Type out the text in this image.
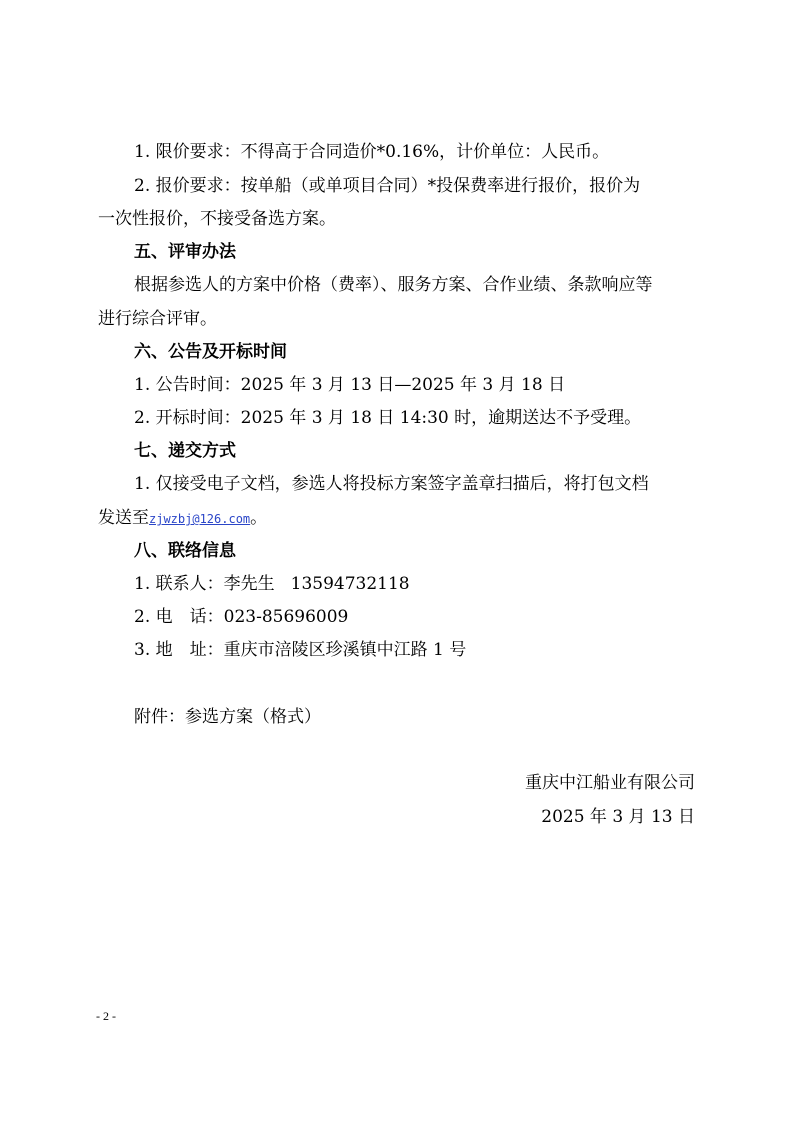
1. 限价要求：不得高于合同造价*0.16%，计价单位：人民币。
2. 报价要求：按单船（或单项目合同）*投保费率进行报价，报价为
一次性报价，不接受备选方案。
五、评审办法
根据参选人的方案中价格（费率）、服务方案、合作业绩、条款响应等
进行综合评审。
六、公告及开标时间
1. 公告时间：2025 年 3 月 13 日—2025 年 3 月 18 日
2. 开标时间：2025 年 3 月 18 日 14:30 时，逾期送达不予受理。
七、递交方式
1. 仅接受电子文档，参选人将投标方案签字盖章扫描后，将打包文档
发送至zjwzbj@126.com。
八、联络信息
1. 联系人：李先生 13594732118
2. 电　话：023-85696009
3. 地　址：重庆市涪陵区珍溪镇中江路 1 号
附件：参选方案（格式）
重庆中江船业有限公司
2025 年 3 月 13 日
- 2 -
